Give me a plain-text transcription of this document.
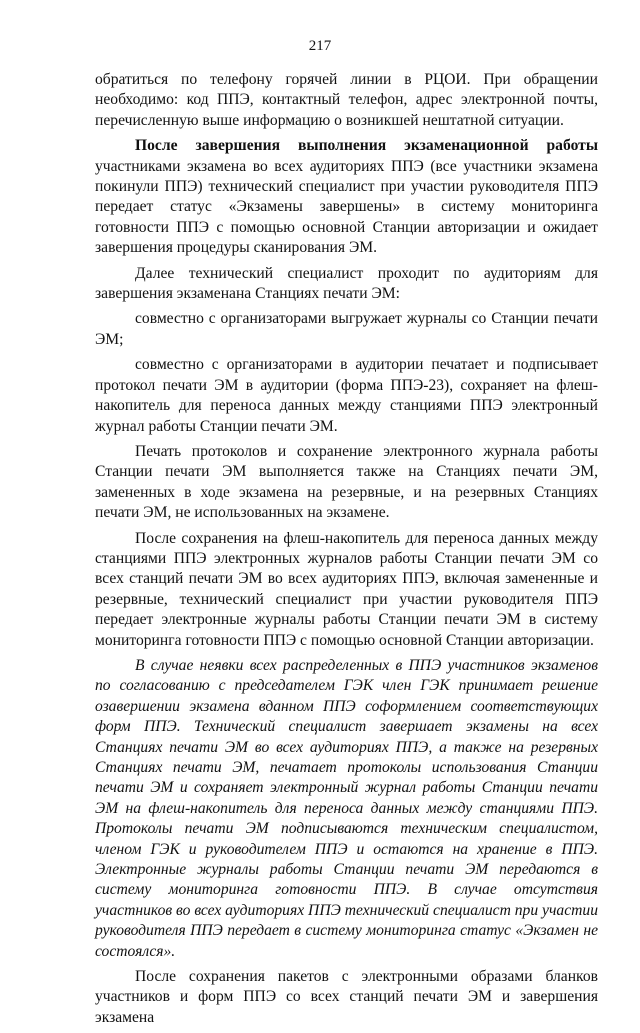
217

обратиться по телефону горячей линии в РЦОИ. При обращении необходимо: код ППЭ, контактный телефон, адрес электронной почты, перечисленную выше информацию о возникшей нештатной ситуации.

После завершения выполнения экзаменационной работы участниками экзамена во всех аудиториях ППЭ (все участники экзамена покинули ППЭ) технический специалист при участии руководителя ППЭ передает статус «Экзамены завершены» в систему мониторинга готовности ППЭ с помощью основной Станции авторизации и ожидает завершения процедуры сканирования ЭМ.

Далее технический специалист проходит по аудиториям для завершения экзаменана Станциях печати ЭМ:

совместно с организаторами выгружает журналы со Станции печати ЭМ;

совместно с организаторами в аудитории печатает и подписывает протокол печати ЭМ в аудитории (форма ППЭ-23), сохраняет на флеш-накопитель для переноса данных между станциями ППЭ электронный журнал работы Станции печати ЭМ.

Печать протоколов и сохранение электронного журнала работы Станции печати ЭМ выполняется также на Станциях печати ЭМ, замененных в ходе экзамена на резервные, и на резервных Станциях печати ЭМ, не использованных на экзамене.

После сохранения на флеш-накопитель для переноса данных между станциями ППЭ электронных журналов работы Станции печати ЭМ со всех станций печати ЭМ во всех аудиториях ППЭ, включая замененные и резервные, технический специалист при участии руководителя ППЭ передает электронные журналы работы Станции печати ЭМ в систему мониторинга готовности ППЭ с помощью основной Станции авторизации.

В случае неявки всех распределенных в ППЭ участников экзаменов по согласованию с председателем ГЭК член ГЭК принимает решение озавершении экзамена вданном ППЭ соформлением соответствующих форм ППЭ. Технический специалист завершает экзамены на всех Станциях печати ЭМ во всех аудиториях ППЭ, а также на резервных Станциях печати ЭМ, печатает протоколы использования Станции печати ЭМ и сохраняет электронный журнал работы Станции печати ЭМ на флеш-накопитель для переноса данных между станциями ППЭ. Протоколы печати ЭМ подписываются техническим специалистом, членом ГЭК и руководителем ППЭ и остаются на хранение в ППЭ. Электронные журналы работы Станции печати ЭМ передаются в систему мониторинга готовности ППЭ. В случае отсутствия участников во всех аудиториях ППЭ технический специалист при участии руководителя ППЭ передает в систему мониторинга статус «Экзамен не состоялся».

После сохранения пакетов с электронными образами бланков участников и форм ППЭ со всех станций печати ЭМ и завершения экзамена
